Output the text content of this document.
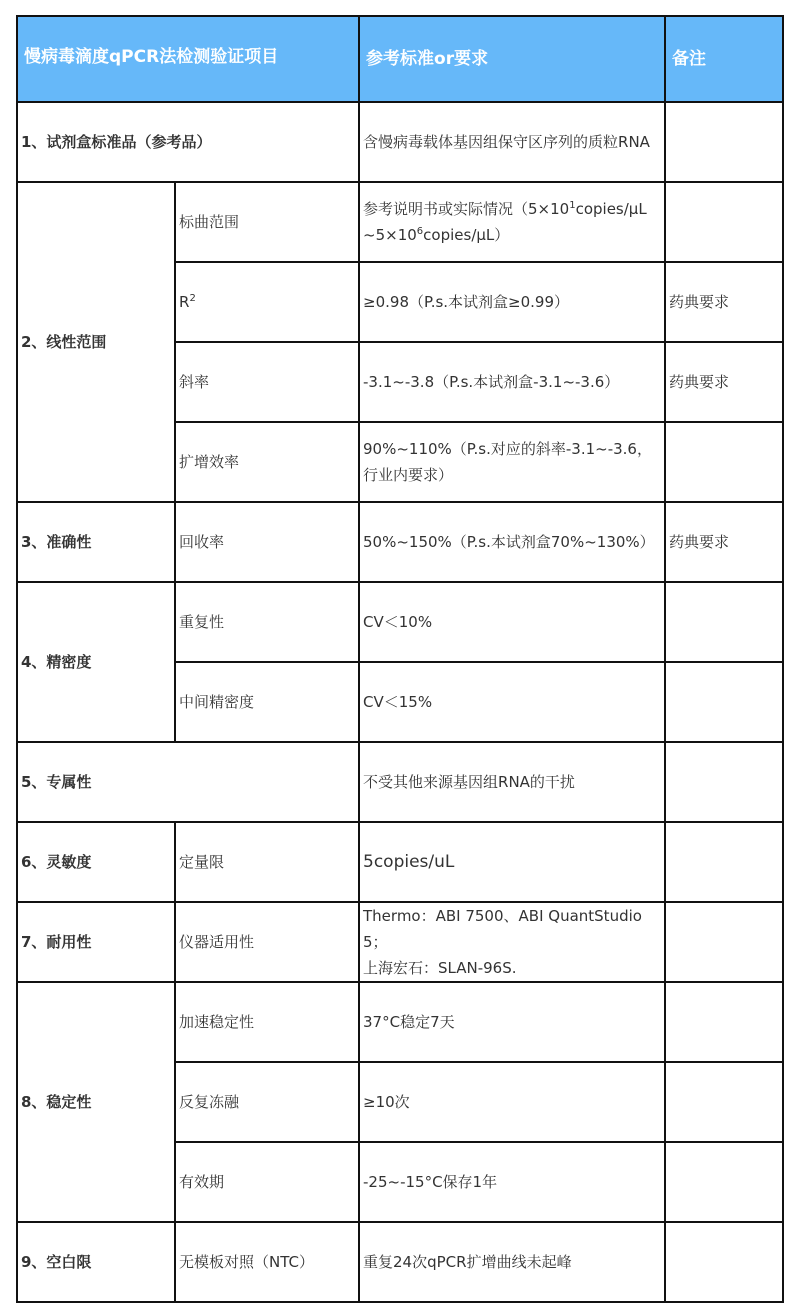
慢病毒滴度qPCR法检测验证项目		参考标准or要求	备注
1、试剂盒标准品（参考品）		含慢病毒载体基因组保守区序列的质粒RNA	
2、线性范围	标曲范围	参考说明书或实际情况$(5\times 10^1copies/\mu L\sim 5\times 10^6copies/\mu L)$	
	$R^2$	≥0.98（P.s.本试剂盒≥0.99）	药典要求
	斜率	-3.1~-3.8（P.s.本试剂盒-3.1~-3.6）	药典要求
	扩增效率	90%~110%（P.s.对应的斜率-3.1~-3.6，行业内要求）	
3、准确性	回收率	50%~150%（P.s.本试剂盒70%~130%）	药典要求
4、精密度	重复性	CV＜10%	
	中间精密度	CV＜15%	
5、专属性		不受其他来源基因组RNA的干扰	
6、灵敏度	定量限	5copies/uL	
7、耐用性	仪器适用性	Thermo：ABI 7500、ABI QuantStudio5；
上海宏石：SLAN-96S.	

8、稳定性	加速稳定性	37°C稳定7天	
	反复冻融	≥10次	
	有效期	-25~-15°C保存1年	
9、空白限	无模板对照（NTC）	重复24次qPCR扩增曲线未起峰	
